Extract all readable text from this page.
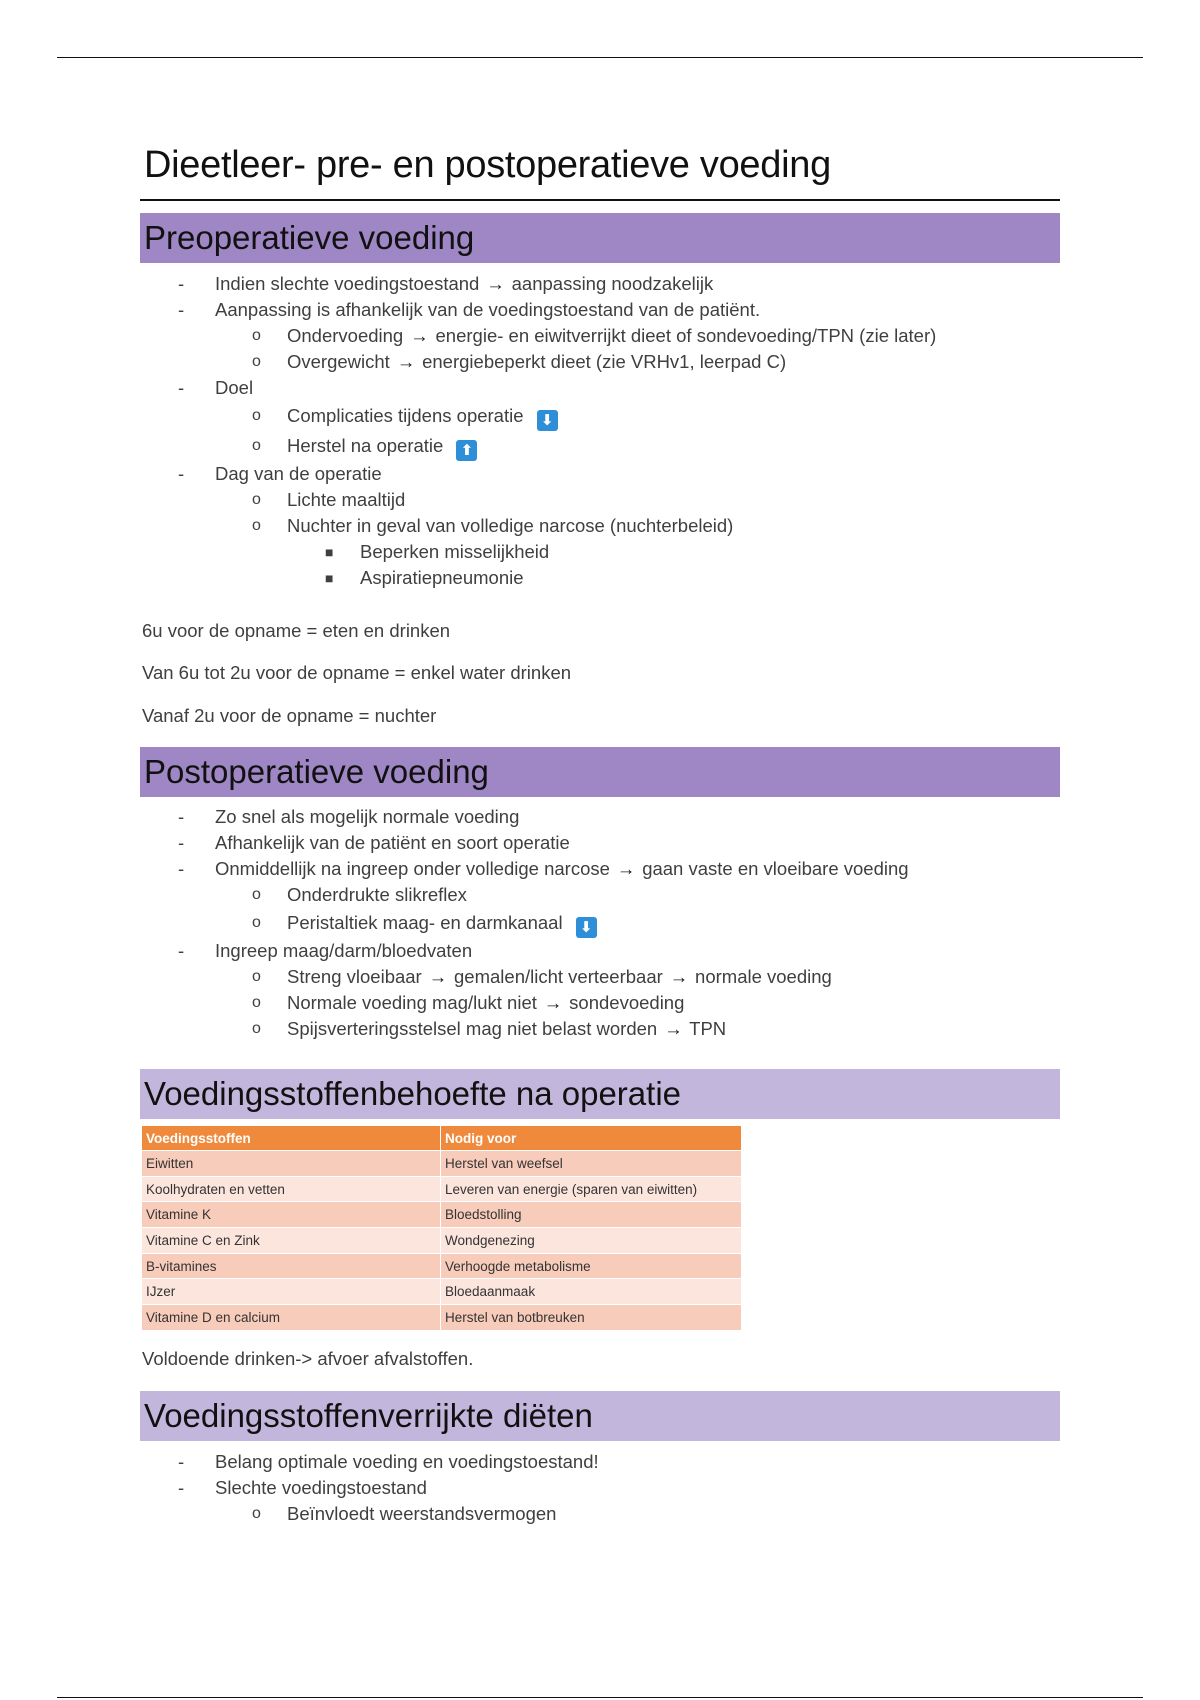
Dieetleer- pre- en postoperatieve voeding
Preoperatieve voeding
- Indien slechte voedingstoestand → aanpassing noodzakelijk
- Aanpassing is afhankelijk van de voedingstoestand van de patiënt.
o Ondervoeding → energie- en eiwitverrijkt dieet of sondevoeding/TPN (zie later)
o Overgewicht → energiebeperkt dieet (zie VRHv1, leerpad C)
- Doel
o Complicaties tijdens operatie ⬇
o Herstel na operatie ⬆
- Dag van de operatie
o Lichte maaltijd
o Nuchter in geval van volledige narcose (nuchterbeleid)
■ Beperken misselijkheid
■ Aspiratiepneumonie
6u voor de opname = eten en drinken
Van 6u tot 2u voor de opname = enkel water drinken
Vanaf 2u voor de opname = nuchter
Postoperatieve voeding
- Zo snel als mogelijk normale voeding
- Afhankelijk van de patiënt en soort operatie
- Onmiddellijk na ingreep onder volledige narcose → gaan vaste en vloeibare voeding
o Onderdrukte slikreflex
o Peristaltiek maag- en darmkanaal ⬇
- Ingreep maag/darm/bloedvaten
o Streng vloeibaar → gemalen/licht verteerbaar → normale voeding
o Normale voeding mag/lukt niet → sondevoeding
o Spijsverteringsstelsel mag niet belast worden → TPN
Voedingsstoffenbehoefte na operatie
Voedingsstoffen	Nodig voor
Eiwitten	Herstel van weefsel
Koolhydraten en vetten	Leveren van energie (sparen van eiwitten)
Vitamine K	Bloedstolling
Vitamine C en Zink	Wondgenezing
B-vitamines	Verhoogde metabolisme
IJzer	Bloedaanmaak
Vitamine D en calcium	Herstel van botbreuken
Voldoende drinken-> afvoer afvalstoffen.
Voedingsstoffenverrijkte diëten
- Belang optimale voeding en voedingstoestand!
- Slechte voedingstoestand
o Beïnvloedt weerstandsvermogen
